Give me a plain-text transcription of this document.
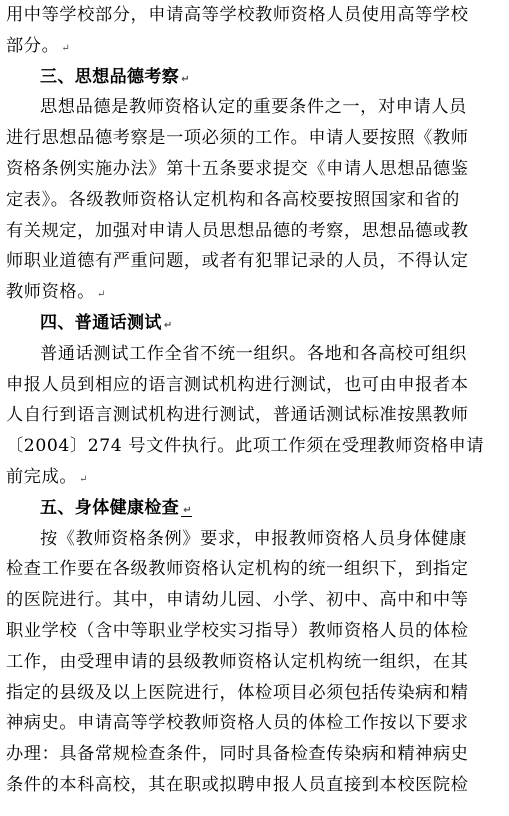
用中等学校部分，申请高等学校教师资格人员使用高等学校
部分。 ↵
三、思想品德考察 ↵
思想品德是教师资格认定的重要条件之一，对申请人员
进行思想品德考察是一项必须的工作。申请人要按照《教师
资格条例实施办法》第十五条要求提交《申请人思想品德鉴
定表》。各级教师资格认定机构和各高校要按照国家和省的
有关规定，加强对申请人员思想品德的考察，思想品德或教
师职业道德有严重问题，或者有犯罪记录的人员，不得认定
教师资格。 ↵
四、普通话测试 ↵
普通话测试工作全省不统一组织。各地和各高校可组织
申报人员到相应的语言测试机构进行测试，也可由申报者本
人自行到语言测试机构进行测试，普通话测试标准按黑教师
〔2004〕274 号文件执行。此项工作须在受理教师资格申请
前完成。 ↵
五、身体健康检查 ↵
按《教师资格条例》要求，申报教师资格人员身体健康
检查工作要在各级教师资格认定机构的统一组织下，到指定
的医院进行。其中，申请幼儿园、小学、初中、高中和中等
职业学校（含中等职业学校实习指导）教师资格人员的体检
工作，由受理申请的县级教师资格认定机构统一组织，在其
指定的县级及以上医院进行，体检项目必须包括传染病和精
神病史。申请高等学校教师资格人员的体检工作按以下要求
办理：具备常规检查条件，同时具备检查传染病和精神病史
条件的本科高校，其在职或拟聘申报人员直接到本校医院检
